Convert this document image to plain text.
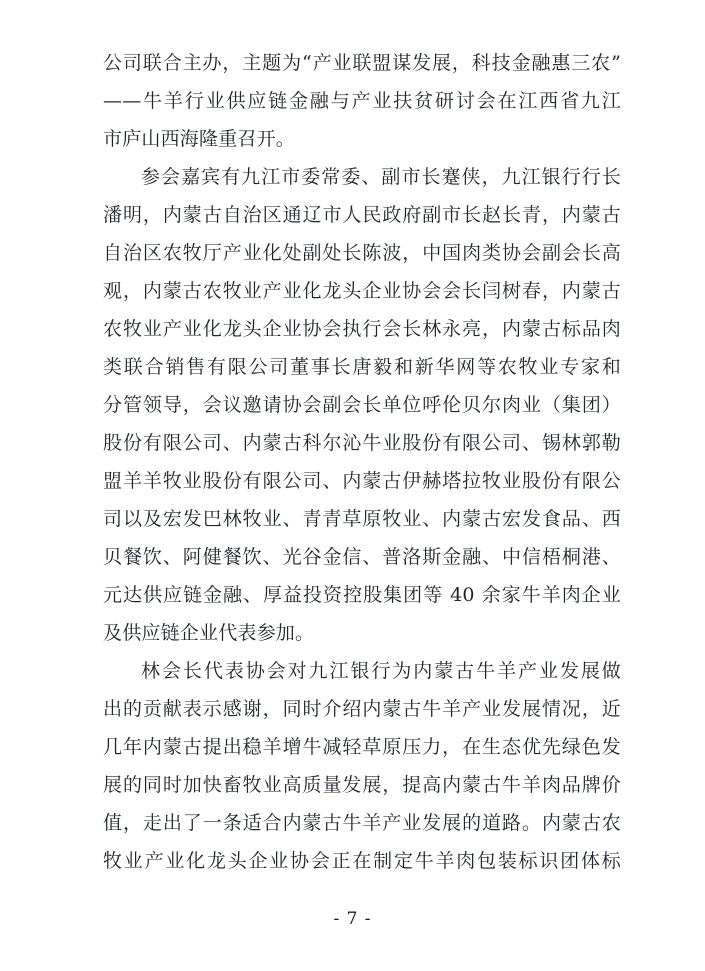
公司联合主办，主题为“产业联盟谋发展，科技金融惠三农”
——牛羊行业供应链金融与产业扶贫研讨会在江西省九江
市庐山西海隆重召开。
参会嘉宾有九江市委常委、副市长蹇侠，九江银行行长
潘明，内蒙古自治区通辽市人民政府副市长赵长青，内蒙古
自治区农牧厅产业化处副处长陈波，中国肉类协会副会长高
观，内蒙古农牧业产业化龙头企业协会会长闫树春，内蒙古
农牧业产业化龙头企业协会执行会长林永亮，内蒙古标品肉
类联合销售有限公司董事长唐毅和新华网等农牧业专家和
分管领导，会议邀请协会副会长单位呼伦贝尔肉业（集团）
股份有限公司、内蒙古科尔沁牛业股份有限公司、锡林郭勒
盟羊羊牧业股份有限公司、内蒙古伊赫塔拉牧业股份有限公
司以及宏发巴林牧业、青青草原牧业、内蒙古宏发食品、西
贝餐饮、阿健餐饮、光谷金信、普洛斯金融、中信梧桐港、
元达供应链金融、厚益投资控股集团等 40 余家牛羊肉企业
及供应链企业代表参加。
林会长代表协会对九江银行为内蒙古牛羊产业发展做
出的贡献表示感谢，同时介绍内蒙古牛羊产业发展情况，近
几年内蒙古提出稳羊增牛减轻草原压力，在生态优先绿色发
展的同时加快畜牧业高质量发展，提高内蒙古牛羊肉品牌价
值，走出了一条适合内蒙古牛羊产业发展的道路。内蒙古农
牧业产业化龙头企业协会正在制定牛羊肉包装标识团体标
- 7 -
